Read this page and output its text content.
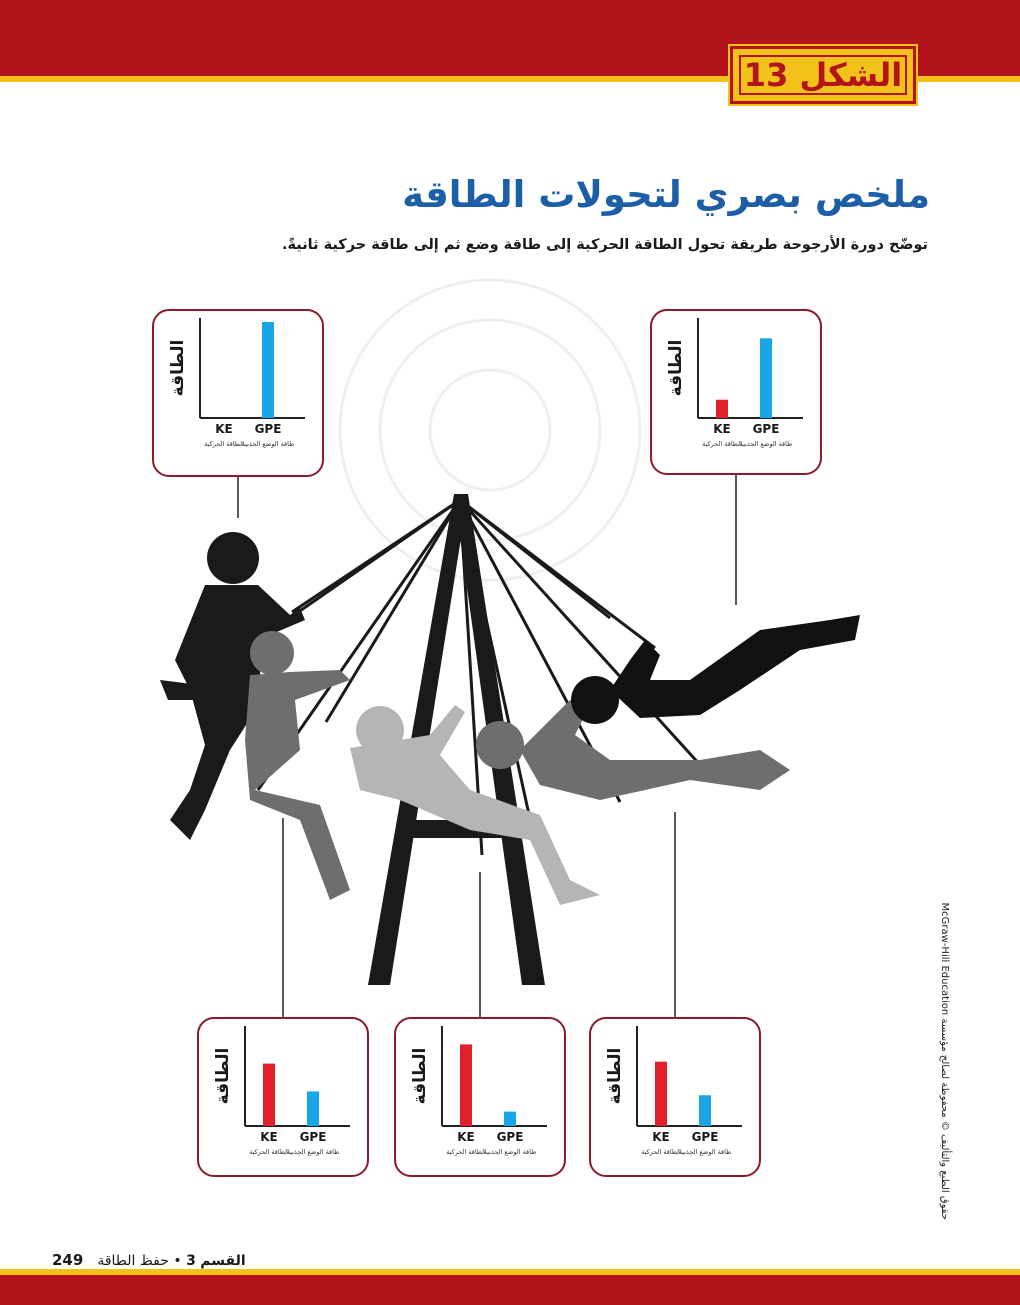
الشكل 13
ملخص بصري لتحولات الطاقة
توضّح دورة الأرجوحة طريقة تحول الطاقة الحركية إلى طاقة وضع ثم إلى طاقة حركية ثانيةً.
الطاقة
KE GPE
الطاقة الحركية
طاقة الوضع الجذبية
الطاقة
KE GPE
الطاقة الحركية
طاقة الوضع الجذبية
الطاقة
KE GPE
الطاقة الحركية
طاقة الوضع الجذبية
الطاقة
KE GPE
الطاقة الحركية
طاقة الوضع الجذبية
الطاقة
KE GPE
الطاقة الحركية
طاقة الوضع الجذبية
حقوق الطبع والتأليف © محفوظة لصالح مؤسسة McGraw-Hill Education
249	القسم 3 • حفظ الطاقة
